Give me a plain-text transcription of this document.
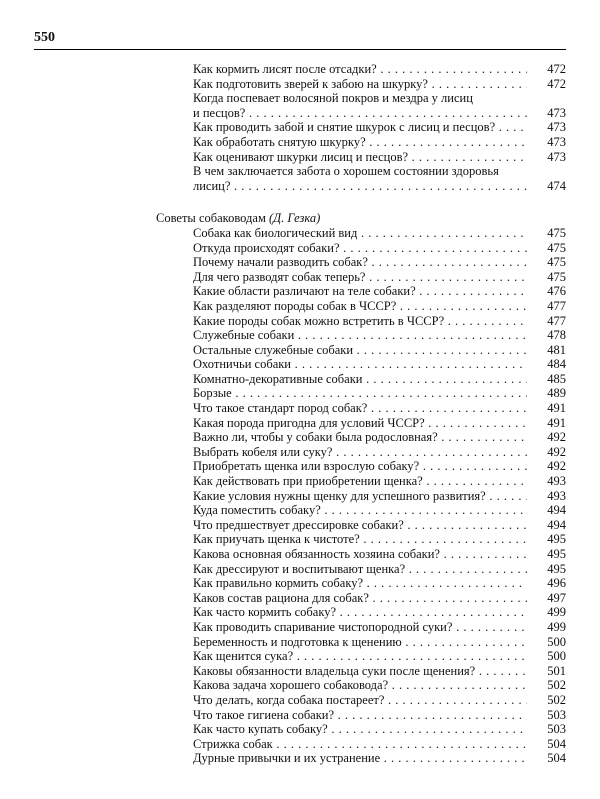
550
Как кормить лисят после отсадки? . . .	472
Как подготовить зверей к забою на шкурку? . . .	472
Когда поспевает волосяной покров и мездра у лисиц
и песцов? . . .	473
Как проводить забой и снятие шкурок с лисиц и песцов? . . .	473
Как обработать снятую шкурку? . . .	473
Как оценивают шкурки лисиц и песцов? . . .	473
В чем заключается забота о хорошем состоянии здоровья
лисиц? . . .	474
Советы собаководам (Д. Гезка)
Собака как биологический вид . . .	475
Откуда происходят собаки? . . .	475
Почему начали разводить собак? . . .	475
Для чего разводят собак теперь? . . .	475
Какие области различают на теле собаки? . . .	476
Как разделяют породы собак в ЧССР? . . .	477
Какие породы собак можно встретить в ЧССР? . . .	477
Служебные собаки . . .	478
Остальные служебные собаки . . .	481
Охотничьи собаки . . .	484
Комнатно-декоративные собаки . . .	485
Борзые . . .	489
Что такое стандарт пород собак? . . .	491
Какая порода пригодна для условий ЧССР? . . .	491
Важно ли, чтобы у собаки была родословная? . . .	492
Выбрать кобеля или суку? . . .	492
Приобретать щенка или взрослую собаку? . . .	492
Как действовать при приобретении щенка? . . .	493
Какие условия нужны щенку для успешного развития? . . .	493
Куда поместить собаку? . . .	494
Что предшествует дрессировке собаки? . . .	494
Как приучать щенка к чистоте? . . .	495
Какова основная обязанность хозяина собаки? . . .	495
Как дрессируют и воспитывают щенка? . . .	495
Как правильно кормить собаку? . . .	496
Каков состав рациона для собак? . . .	497
Как часто кормить собаку? . . .	499
Как проводить спаривание чистопородной суки? . . .	499
Беременность и подготовка к щенению . . .	500
Как щенится сука? . . .	500
Каковы обязанности владельца суки после щенения? . . .	501
Какова задача хорошего собаковода? . . .	502
Что делать, когда собака постареет? . . .	502
Что такое гигиена собаки? . . .	503
Как часто купать собаку? . . .	503
Стрижка собак . . .	504
Дурные привычки и их устранение . . .	504
